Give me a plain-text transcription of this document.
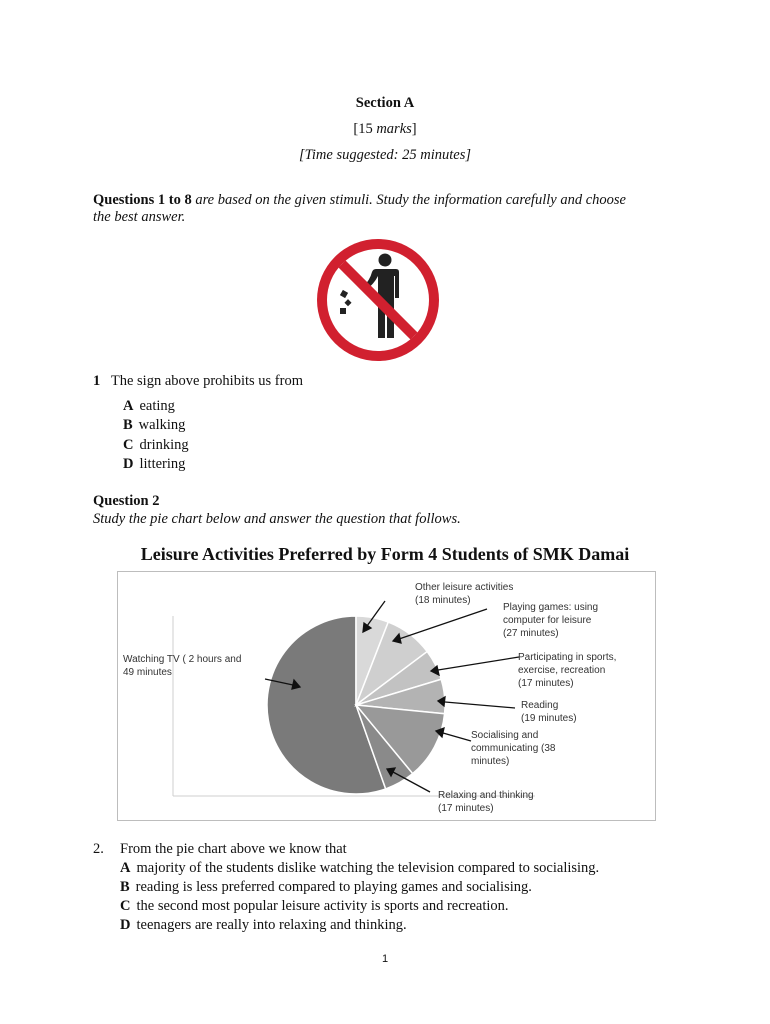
Section A
[15 marks]
[Time suggested: 25 minutes]
Questions 1 to 8 are based on the given stimuli. Study the information carefully and choose
the best answer.
1 The sign above prohibits us from
A eating
B walking
C drinking
D littering
Question 2
Study the pie chart below and answer the question that follows.
Leisure Activities Preferred by Form 4 Students of SMK Damai
Watching TV ( 2 hours and
49 minutes
Other leisure activities
(18 minutes)
Playing games: using
computer for leisure
(27 minutes)
Participating in sports,
exercise, recreation
(17 minutes)
Reading
(19 minutes)
Socialising and
communicating (38
minutes)
Relaxing and thinking
(17 minutes)
2. From the pie chart above we know that
A majority of the students dislike watching the television compared to socialising.
B reading is less preferred compared to playing games and socialising.
C the second most popular leisure activity is sports and recreation.
D teenagers are really into relaxing and thinking.
1
